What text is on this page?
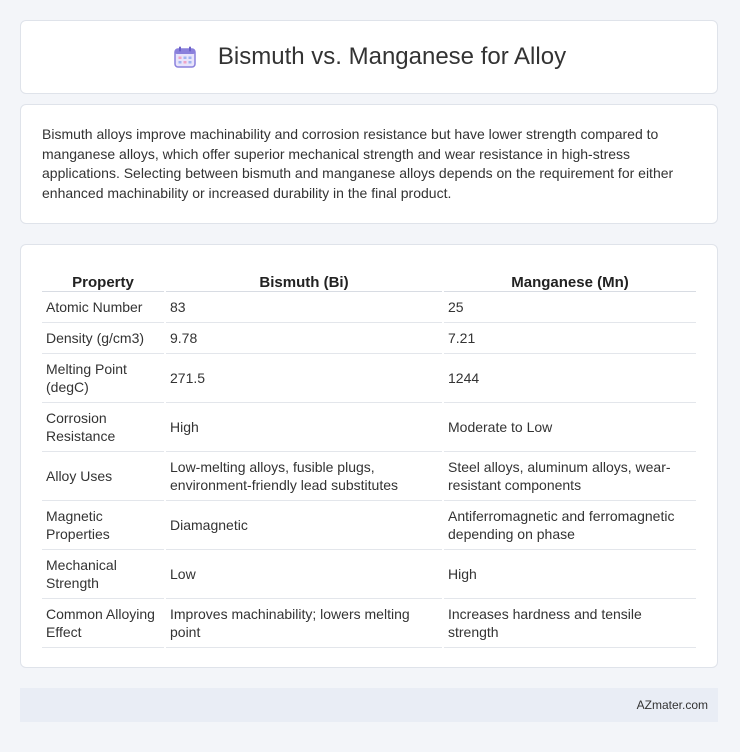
Bismuth vs. Manganese for Alloy

Bismuth alloys improve machinability and corrosion resistance but have lower strength compared to manganese alloys, which offer superior mechanical strength and wear resistance in high-stress applications. Selecting between bismuth and manganese alloys depends on the requirement for either enhanced machinability or increased durability in the final product.

Property	Bismuth (Bi)	Manganese (Mn)
Atomic Number	83	25
Density (g/cm3)	9.78	7.21
Melting Point (degC)	271.5	1244
Corrosion Resistance	High	Moderate to Low
Alloy Uses	Low-melting alloys, fusible plugs, environment-friendly lead substitutes	Steel alloys, aluminum alloys, wear-resistant components
Magnetic Properties	Diamagnetic	Antiferromagnetic and ferromagnetic depending on phase
Mechanical Strength	Low	High
Common Alloying Effect	Improves machinability; lowers melting point	Increases hardness and tensile strength
AZmater.com
